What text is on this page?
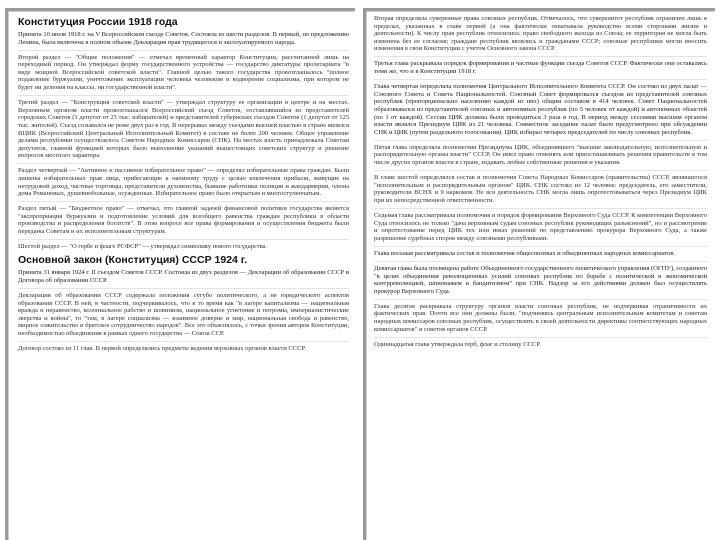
Конституция России 1918 года

Принята 10 июля 1918 г. на V Всероссийском съезде Советов. Состояла из шести разделов. В первый, по предложению Ленина, была включена в полном объеме Декларация прав трудящегося и эксплуатируемого народа.

Второй раздел — "Общие положения" — отмечал временный характер Конституции, рассчитанной лишь на переходный период. Он утверждал форму государственного устройства — государство диктатуры пролетариата "в виде мощной Всероссийской советской власти". Главной целью такого государства провозглашалось "полное подавление буржуазии, уничтожение эксплуатации человека человеком и водворение социализма, при котором не будет ни деления на классы, ни государственной власти".

Третий раздел — "Конструкция советской власти" — утверждал структуру ее организации в центре и на местах. Верховным органом власти провозглашался Всероссийский съезд Советов, составлявшийся из представителей городских Советов (1 депутат от 25 тыс. избирателей) и представителей губернских съездов Советов (1 депутат от 125 тыс. жителей). Съезд созывался не реже двух раз в год. В перерывах между съездами высшей властью в стране являлся ВЦИК (Всероссийский Центральный Исполнительный Комитет) в составе не более 200 человек. Общее управление делами республики осуществлялось Советом Народных Комиссаров (СНК). На местах власть принадлежала Советам депутатов, главной функцией которых было выполнение указаний вышестоящих советских структур и решение вопросов местного характера.

Раздел четвертый — "Активное и пассивное избирательное право" — определял избирательные права граждан. Были лишены избирательных прав лица, прибегающие к наемному труду с целью извлечения прибыли, живущие на нетрудовой доход, частные торговцы, представители духовенства, бывшие работники полиции и жандармерии, члены дома Романовых, душевнобольные, осужденные. Избирательное право было открытым и многоступенчатым.

Раздел пятый — "Бюджетное право" — отмечал, что главной задачей финансовой политики государства является "экспроприация буржуазии и подготовление условий для всеобщего равенства граждан республики в области производства и распределения богатств". В этом вопросе все права формирования и осуществления бюджета были переданы Советам и их исполнительным структурам.

Шестой раздел — "О гербе и флаге РСФСР" — утверждал символику нового государства.

Основной закон (Конституция) СССР 1924 г.

Принята 31 января 1924 г. II съездом Советов СССР. Состояла из двух разделов — Декларации об образовании СССР и Договора об образовании СССР.

Декларация об образовании СССР содержала положения сугубо политического, а не юридического аспектов образования СССР. В ней, в частности, подчеркивалось, что в то время как "в лагере капитализма — национальная вражда и неравенство, колониальное рабство и шовинизм, национальное угнетение и погромы, империалистические зверства и войны", то "там, в лагере социализма — взаимное доверие и мир, национальная свобода и равенство, мирное сожительство и братское сотрудничество народов". Все это объяснялось, с точки зрения авторов Конституции, необходимостью объединения в рамках одного государства — Союза ССР.

Договор состоял из 11 глав. В первой определялись предметы ведения верховных органов власти СССР.

Вторая определяла суверенные права союзных республик. Отмечалось, что суверенитет республик ограничен лишь в пределах, указанных в главе первой (а она фактически охватывала руководство всеми сторонами жизни и деятельности). К числу прав республик относились: право свободного выхода из Союза; ее территория не могла быть изменена без ее согласия; граждане республик являлись и гражданами СССР; союзные республики могли вносить изменения в свои Конституции с учетом Основного закона СССР.

Третья глава раскрывала порядок формирования и частные функции съезда Советов СССР. Фактически они оставались теми же, что и в Конституции 1918 г.

Глава четвертая определяла полномочия Центрального Исполнительного Комитета СССР. Он состоял из двух палат — Союзного Совета и Совета Национальностей. Союзный Совет формировался съездом из представителей союзных республик (пропорционально населению каждой из них) общим составом в 414 человек. Совет Национальностей образовывался из представителей союзных и автономных республик (по 5 человек от каждой) и автономных областей (по 1 от каждой). Сессии ЦИК должны были проводиться 3 раза в год. В период между сессиями высшим органом власти являлся Президиум ЦИК из 21 человека. Совместное заседание палат было предусмотрено при обсуждении СНК и ЦИК (путем раздельного голосования). ЦИК избирал четырех председателей по числу союзных республик.

Пятая глава определяла полномочия Президиума ЦИК, объединявшего "высшие законодательную, исполнительную и распорядительную органы власти" СССР. Он имел право отменять или приостанавливать решения правительств в том числе других органов власти в стране, издавать любые собственные решения и указания.

В главе шестой определялся состав и полномочия Совета Народных Комиссаров (правительства) СССР, являвшегося "исполнительным и распорядительным органом" ЦИК. СНК состоял из 12 человек: председатель, его заместители, руководители ВСНХ и 9 наркомов. Не вся деятельность СНК могла лишь опротестовываться через Президиум ЦИК при их непосредственной ответственности.

Седьмая глава рассматривала полномочия и порядок формирования Верховного Суда СССР. К компетенции Верховного Суда относилось не только "дача верховным судам союзных республик руководящих разъяснений", но и рассмотрение и опротестование перед ЦИК тех или иных решений по представлению прокурора Верховного Суда, а также разрешение судебных споров между союзными республиками.

Глава восьмая рассматривала состав и полномочия общесоюзных и объединенных народных комиссариатов.

Девятая глава была посвящена работе Объединенного государственного политического управления (ОГПУ), созданного "в целях объединения революционных усилий союзных республик по борьбе с политической и экономической контрреволюцией, шпионажем и бандитизмом" при СНК. Надзор за его действиями должен был осуществлять прокурор Верховного Суда.

Глава десятая раскрывала структуру органов власти союзных республик, не подчеркивая отраничимости их фактических прав. Почти все они должны были, "подчиняясь центральным исполнительным комитетам и советам народных комиссаров союзных республик, осуществлять в своей деятельности директивы соответствующих народных комиссариатов" и советов органов СССР.

Одиннадцатая глава утверждала герб, флаг и столицу СССР.
